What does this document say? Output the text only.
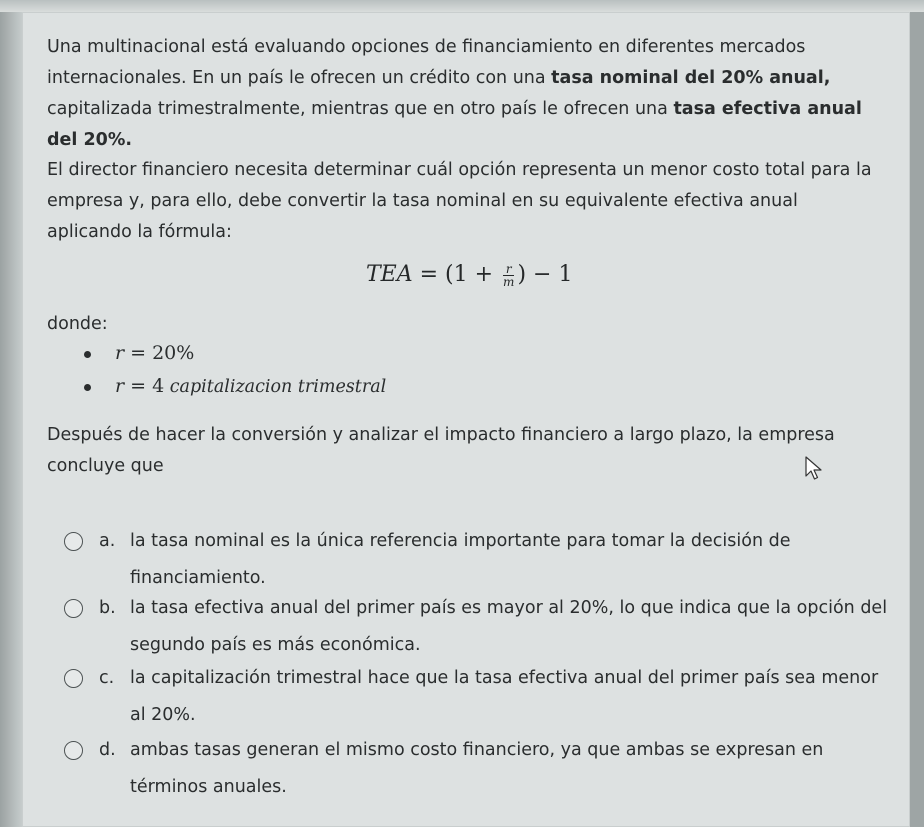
Una multinacional está evaluando opciones de financiamiento en diferentes mercados
internacionales. En un país le ofrecen un crédito con una tasa nominal del 20% anual,
capitalizada trimestralmente, mientras que en otro país le ofrecen una tasa efectiva anual
del 20%.

El director financiero necesita determinar cuál opción representa un menor costo total para la
empresa y, para ello, debe convertir la tasa nominal en su equivalente efectiva anual
aplicando la fórmula:

TEA = ($1 + \frac{r}{m}$ ) − 1
donde:
r = 20%
r = 4 capitalizacion trimestral

Después de hacer la conversión y analizar el impacto financiero a largo plazo, la empresa
concluye que

a. la tasa nominal es la única referencia importante para tomar la decisión de
financiamiento.
b. la tasa efectiva anual del primer país es mayor al 20%, lo que indica que la opción del
segundo país es más económica.
c. la capitalización trimestral hace que la tasa efectiva anual del primer país sea menor
al 20%.
d. ambas tasas generan el mismo costo financiero, ya que ambas se expresan en
términos anuales.
